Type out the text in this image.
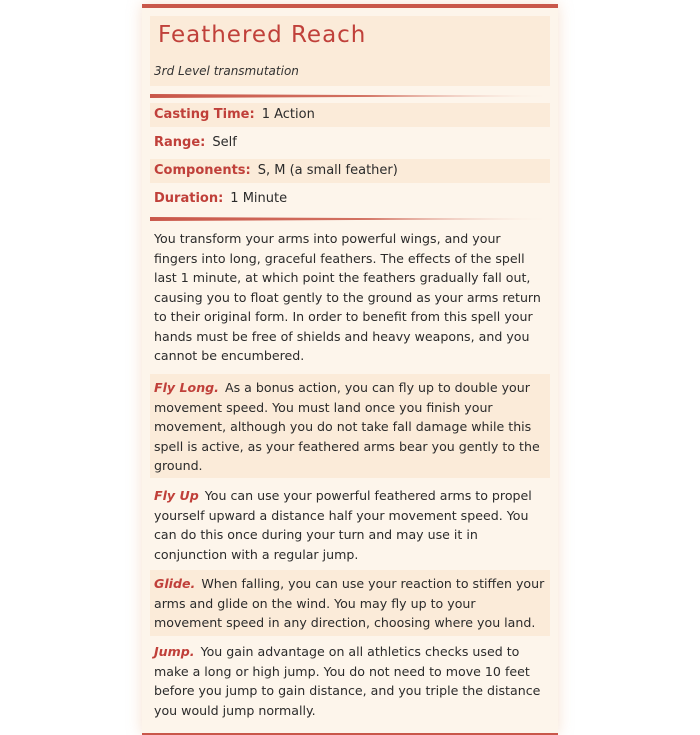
Feathered Reach
3rd Level transmutation
Casting Time: 1 Action
Range: Self
Components: S, M (a small feather)
Duration: 1 Minute
You transform your arms into powerful wings, and your fingers into long, graceful feathers. The effects of the spell last 1 minute, at which point the feathers gradually fall out, causing you to float gently to the ground as your arms return to their original form. In order to benefit from this spell your hands must be free of shields and heavy weapons, and you cannot be encumbered.
Fly Long. As a bonus action, you can fly up to double your movement speed. You must land once you finish your movement, although you do not take fall damage while this spell is active, as your feathered arms bear you gently to the ground.
Fly Up You can use your powerful feathered arms to propel yourself upward a distance half your movement speed. You can do this once during your turn and may use it in conjunction with a regular jump.
Glide. When falling, you can use your reaction to stiffen your arms and glide on the wind. You may fly up to your movement speed in any direction, choosing where you land.
Jump. You gain advantage on all athletics checks used to make a long or high jump. You do not need to move 10 feet before you jump to gain distance, and you triple the distance you would jump normally.
